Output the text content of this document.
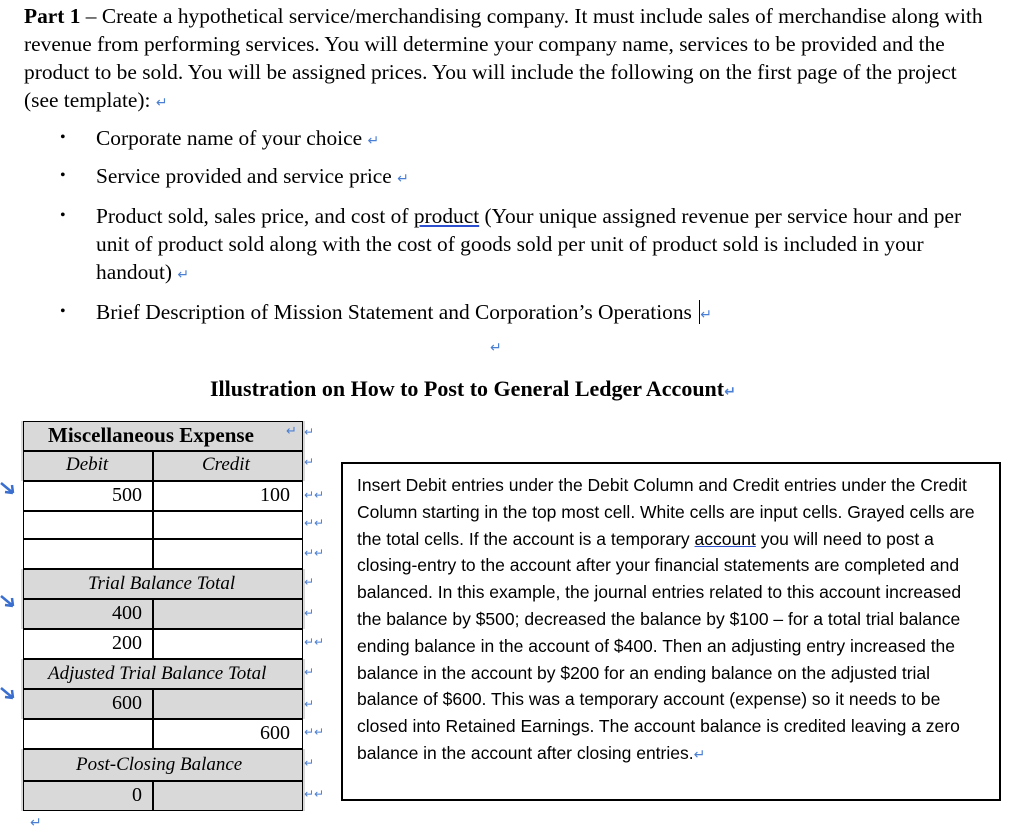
Part 1 – Create a hypothetical service/merchandising company. It must include sales of merchandise along with revenue from performing services. You will determine your company name, services to be provided and the product to be sold. You will be assigned prices. You will include the following on the first page of the project (see template): ↵
• Corporate name of your choice ↵
• Service provided and service price ↵
• Product sold, sales price, and cost of product (Your unique assigned revenue per service hour and per unit of product sold along with the cost of goods sold per unit of product sold is included in your handout) ↵
• Brief Description of Mission Statement and Corporation’s Operations ↵
↵
Illustration on How to Post to General Ledger Account↵
Miscellaneous Expense ↵
Debit	Credit
500	100
Trial Balance Total
400
200
Adjusted Trial Balance Total
600
600
Post-Closing Balance
0
↵
↵
↵↵
↵↵
↵↵
↵
↵
↵↵
↵
↵
↵↵
↵
↵↵
Insert Debit entries under the Debit Column and Credit entries under the Credit Column starting in the top most cell. White cells are input cells. Grayed cells are the total cells. If the account is a temporary account you will need to post a closing-entry to the account after your financial statements are completed and balanced. In this example, the journal entries related to this account increased the balance by $500; decreased the balance by $100 – for a total trial balance ending balance in the account of $400. Then an adjusting entry increased the balance in the account by $200 for an ending balance on the adjusted trial balance of $600. This was a temporary account (expense) so it needs to be closed into Retained Earnings. The account balance is credited leaving a zero balance in the account after closing entries.↵
↵
